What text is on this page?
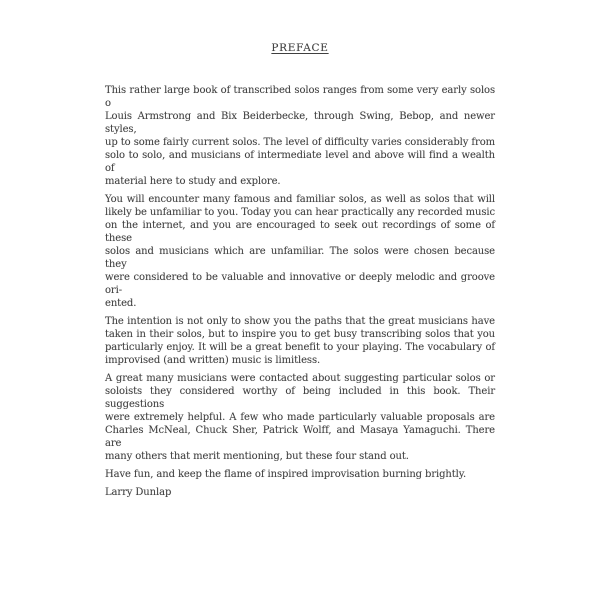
PREFACE
This rather large book of transcribed solos ranges from some very early solos o
Louis Armstrong and Bix Beiderbecke, through Swing, Bebop, and newer styles,
up to some fairly current solos. The level of difficulty varies considerably from
solo to solo, and musicians of intermediate level and above will find a wealth of
material here to study and explore.
You will encounter many famous and familiar solos, as well as solos that will
likely be unfamiliar to you. Today you can hear practically any recorded music
on the internet, and you are encouraged to seek out recordings of some of these
solos and musicians which are unfamiliar. The solos were chosen because they
were considered to be valuable and innovative or deeply melodic and groove ori-
ented.
The intention is not only to show you the paths that the great musicians have
taken in their solos, but to inspire you to get busy transcribing solos that you
particularly enjoy. It will be a great benefit to your playing. The vocabulary of
improvised (and written) music is limitless.
A great many musicians were contacted about suggesting particular solos or
soloists they considered worthy of being included in this book. Their suggestions
were extremely helpful. A few who made particularly valuable proposals are
Charles McNeal, Chuck Sher, Patrick Wolff, and Masaya Yamaguchi. There are
many others that merit mentioning, but these four stand out.
Have fun, and keep the flame of inspired improvisation burning brightly.
Larry Dunlap
